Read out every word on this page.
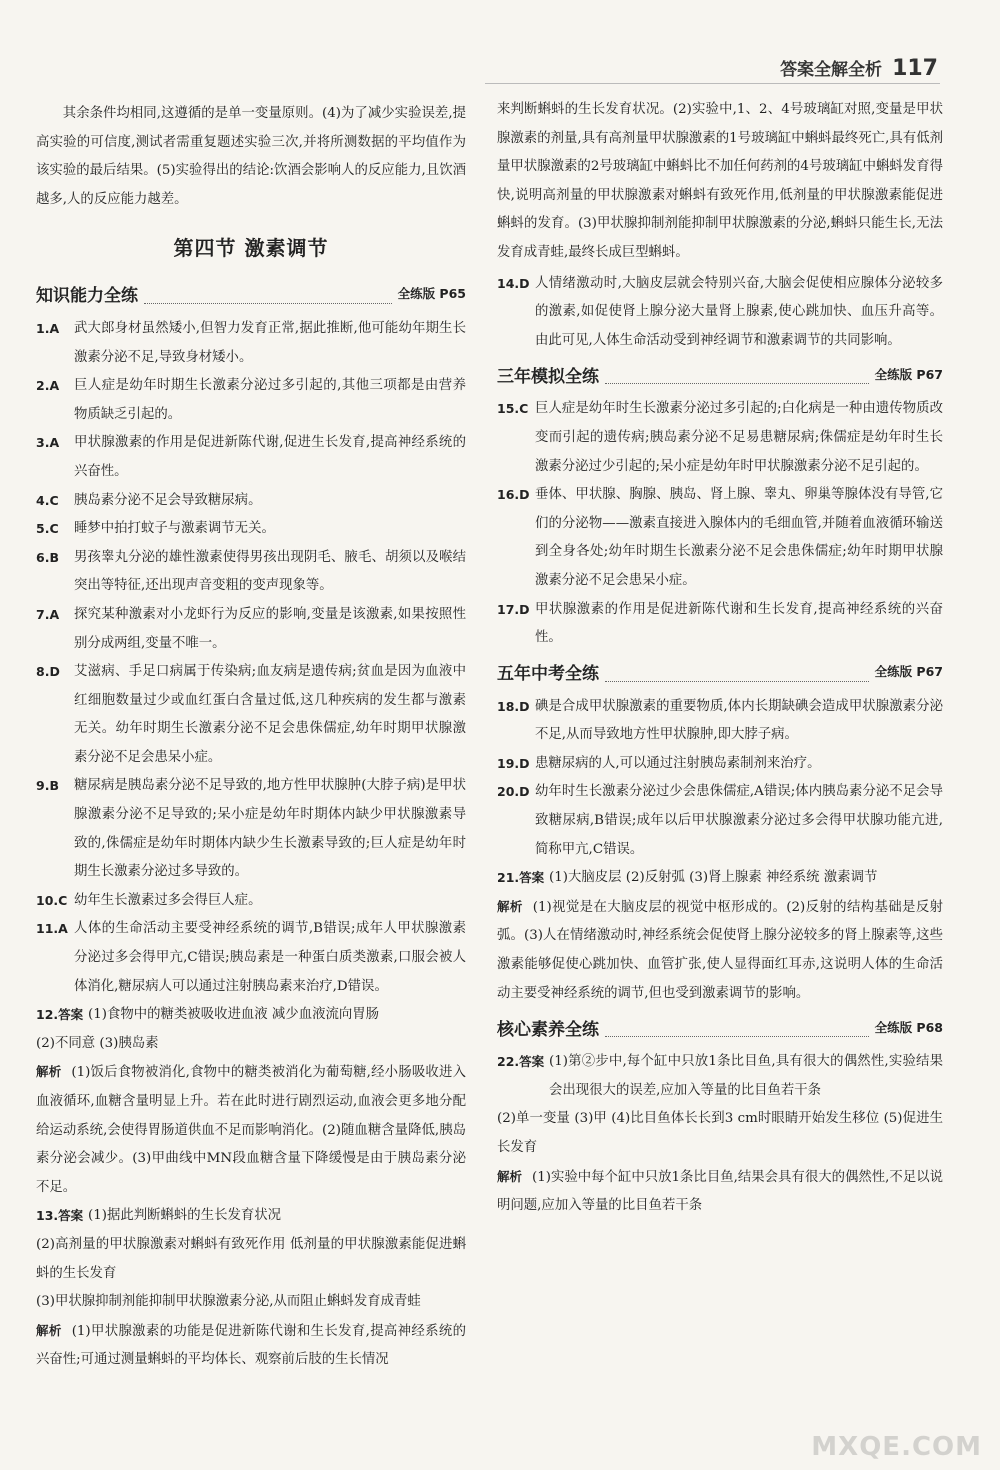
答案全解全析 117

其余条件均相同,这遵循的是单一变量原则。(4)为了减少实验误差,提高实验的可信度,测试者需重复题述实验三次,并将所测数据的平均值作为该实验的最后结果。(5)实验得出的结论:饮酒会影响人的反应能力,且饮酒越多,人的反应能力越差。

第四节 激素调节
知识能力全练	全练版 P65
1.A	武大郎身材虽然矮小,但智力发育正常,据此推断,他可能幼年期生长激素分泌不足,导致身材矮小。
2.A	巨人症是幼年时期生长激素分泌过多引起的,其他三项都是由营养物质缺乏引起的。
3.A	甲状腺激素的作用是促进新陈代谢,促进生长发育,提高神经系统的兴奋性。
4.C	胰岛素分泌不足会导致糖尿病。
5.C	睡梦中拍打蚊子与激素调节无关。
6.B	男孩睾丸分泌的雄性激素使得男孩出现阴毛、腋毛、胡须以及喉结突出等特征,还出现声音变粗的变声现象等。
7.A	探究某种激素对小龙虾行为反应的影响,变量是该激素,如果按照性别分成两组,变量不唯一。
8.D	艾滋病、手足口病属于传染病;血友病是遗传病;贫血是因为血液中红细胞数量过少或血红蛋白含量过低,这几种疾病的发生都与激素无关。幼年时期生长激素分泌不足会患侏儒症,幼年时期甲状腺激素分泌不足会患呆小症。
9.B	糖尿病是胰岛素分泌不足导致的,地方性甲状腺肿(大脖子病)是甲状腺激素分泌不足导致的;呆小症是幼年时期体内缺少甲状腺激素导致的,侏儒症是幼年时期体内缺少生长激素导致的;巨人症是幼年时期生长激素分泌过多导致的。
10.C 幼年生长激素过多会得巨人症。
11.A 人体的生命活动主要受神经系统的调节,B错误;成年人甲状腺激素分泌过多会得甲亢,C错误;胰岛素是一种蛋白质类激素,口服会被人体消化,糖尿病人可以通过注射胰岛素来治疗,D错误。
12.答案 (1)食物中的糖类被吸收进血液 减少血液流向胃肠

(2)不同意 (3)胰岛素

解析 (1)饭后食物被消化,食物中的糖类被消化为葡萄糖,经小肠吸收进入血液循环,血糖含量明显上升。若在此时进行剧烈运动,血液会更多地分配给运动系统,会使得胃肠道供血不足而影响消化。(2)随血糖含量降低,胰岛素分泌会减少。(3)甲曲线中MN段血糖含量下降缓慢是由于胰岛素分泌不足。

13.答案 (1)据此判断蝌蚪的生长发育状况

(2)高剂量的甲状腺激素对蝌蚪有致死作用 低剂量的甲状腺激素能促进蝌蚪的生长发育

(3)甲状腺抑制剂能抑制甲状腺激素分泌,从而阻止蝌蚪发育成青蛙

解析 (1)甲状腺激素的功能是促进新陈代谢和生长发育,提高神经系统的兴奋性;可通过测量蝌蚪的平均体长、观察前后肢的生长情况

来判断蝌蚪的生长发育状况。(2)实验中,1、2、4号玻璃缸对照,变量是甲状腺激素的剂量,具有高剂量甲状腺激素的1号玻璃缸中蝌蚪最终死亡,具有低剂量甲状腺激素的2号玻璃缸中蝌蚪比不加任何药剂的4号玻璃缸中蝌蚪发育得快,说明高剂量的甲状腺激素对蝌蚪有致死作用,低剂量的甲状腺激素能促进蝌蚪的发育。(3)甲状腺抑制剂能抑制甲状腺激素的分泌,蝌蚪只能生长,无法发育成青蛙,最终长成巨型蝌蚪。

14.D 人情绪激动时,大脑皮层就会特别兴奋,大脑会促使相应腺体分泌较多的激素,如促使肾上腺分泌大量肾上腺素,使心跳加快、血压升高等。由此可见,人体生命活动受到神经调节和激素调节的共同影响。
三年模拟全练	全练版 P67
15.C 巨人症是幼年时生长激素分泌过多引起的;白化病是一种由遗传物质改变而引起的遗传病;胰岛素分泌不足易患糖尿病;侏儒症是幼年时生长激素分泌过少引起的;呆小症是幼年时甲状腺激素分泌不足引起的。
16.D 垂体、甲状腺、胸腺、胰岛、肾上腺、睾丸、卵巢等腺体没有导管,它们的分泌物——激素直接进入腺体内的毛细血管,并随着血液循环输送到全身各处;幼年时期生长激素分泌不足会患侏儒症;幼年时期甲状腺激素分泌不足会患呆小症。
17.D 甲状腺激素的作用是促进新陈代谢和生长发育,提高神经系统的兴奋性。
五年中考全练	全练版 P67
18.D 碘是合成甲状腺激素的重要物质,体内长期缺碘会造成甲状腺激素分泌不足,从而导致地方性甲状腺肿,即大脖子病。
19.D 患糖尿病的人,可以通过注射胰岛素制剂来治疗。
20.D 幼年时生长激素分泌过少会患侏儒症,A错误;体内胰岛素分泌不足会导致糖尿病,B错误;成年以后甲状腺激素分泌过多会得甲状腺功能亢进,简称甲亢,C错误。
21.答案 (1)大脑皮层 (2)反射弧 (3)肾上腺素 神经系统 激素调节

解析 (1)视觉是在大脑皮层的视觉中枢形成的。(2)反射的结构基础是反射弧。(3)人在情绪激动时,神经系统会促使肾上腺分泌较多的肾上腺素等,这些激素能够促使心跳加快、血管扩张,使人显得面红耳赤,这说明人体的生命活动主要受神经系统的调节,但也受到激素调节的影响。

核心素养全练	全练版 P68
22.答案 (1)第②步中,每个缸中只放1条比目鱼,具有很大的偶然性,实验结果会出现很大的误差,应加入等量的比目鱼若干条

(2)单一变量 (3)甲 (4)比目鱼体长长到3 cm时眼睛开始发生移位 (5)促进生长发育

解析 (1)实验中每个缸中只放1条比目鱼,结果会具有很大的偶然性,不足以说明问题,应加入等量的比目鱼若干条

MXQE.COM
